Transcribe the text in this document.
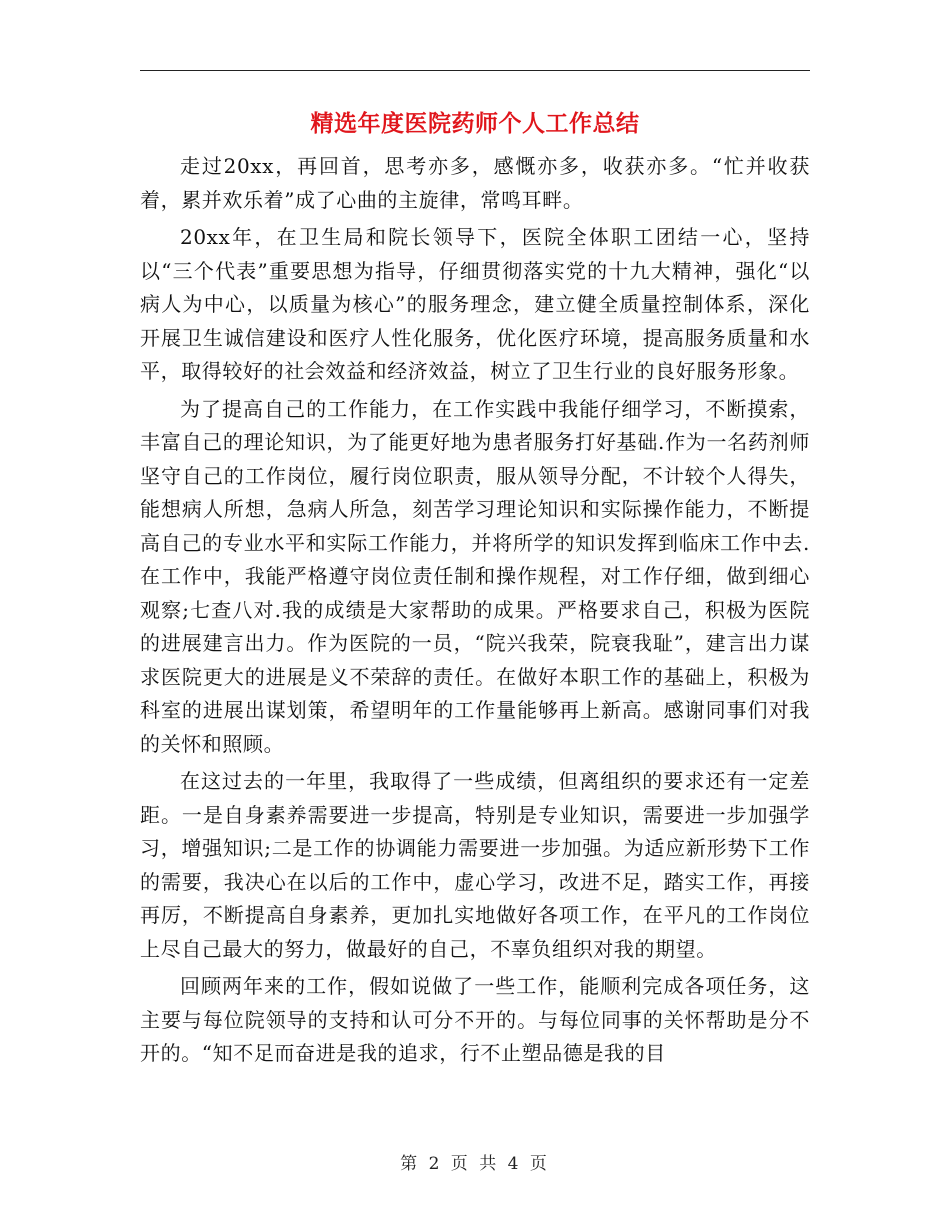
精选年度医院药师个人工作总结

走过20xx，再回首，思考亦多，感慨亦多，收获亦多。“忙并收获着，累并欢乐着”成了心曲的主旋律，常鸣耳畔。

20xx年，在卫生局和院长领导下，医院全体职工团结一心，坚持以“三个代表”重要思想为指导，仔细贯彻落实党的十九大精神，强化“以病人为中心，以质量为核心”的服务理念，建立健全质量控制体系，深化开展卫生诚信建设和医疗人性化服务，优化医疗环境，提高服务质量和水平，取得较好的社会效益和经济效益，树立了卫生行业的良好服务形象。

为了提高自己的工作能力，在工作实践中我能仔细学习，不断摸索，丰富自己的理论知识，为了能更好地为患者服务打好基础.作为一名药剂师坚守自己的工作岗位，履行岗位职责，服从领导分配，不计较个人得失，能想病人所想，急病人所急，刻苦学习理论知识和实际操作能力，不断提高自己的专业水平和实际工作能力，并将所学的知识发挥到临床工作中去.在工作中，我能严格遵守岗位责任制和操作规程，对工作仔细，做到细心观察;七查八对.我的成绩是大家帮助的成果。严格要求自己，积极为医院的进展建言出力。作为医院的一员，“院兴我荣，院衰我耻”，建言出力谋求医院更大的进展是义不荣辞的责任。在做好本职工作的基础上，积极为科室的进展出谋划策，希望明年的工作量能够再上新高。感谢同事们对我的关怀和照顾。

在这过去的一年里，我取得了一些成绩，但离组织的要求还有一定差距。一是自身素养需要进一步提高，特别是专业知识，需要进一步加强学习，增强知识;二是工作的协调能力需要进一步加强。为适应新形势下工作的需要，我决心在以后的工作中，虚心学习，改进不足，踏实工作，再接再厉，不断提高自身素养，更加扎实地做好各项工作，在平凡的工作岗位上尽自己最大的努力，做最好的自己，不辜负组织对我的期望。

回顾两年来的工作，假如说做了一些工作，能顺利完成各项任务，这主要与每位院领导的支持和认可分不开的。与每位同事的关怀帮助是分不开的。“知不足而奋进是我的追求，行不止塑品德是我的目

第 2 页 共 4 页
